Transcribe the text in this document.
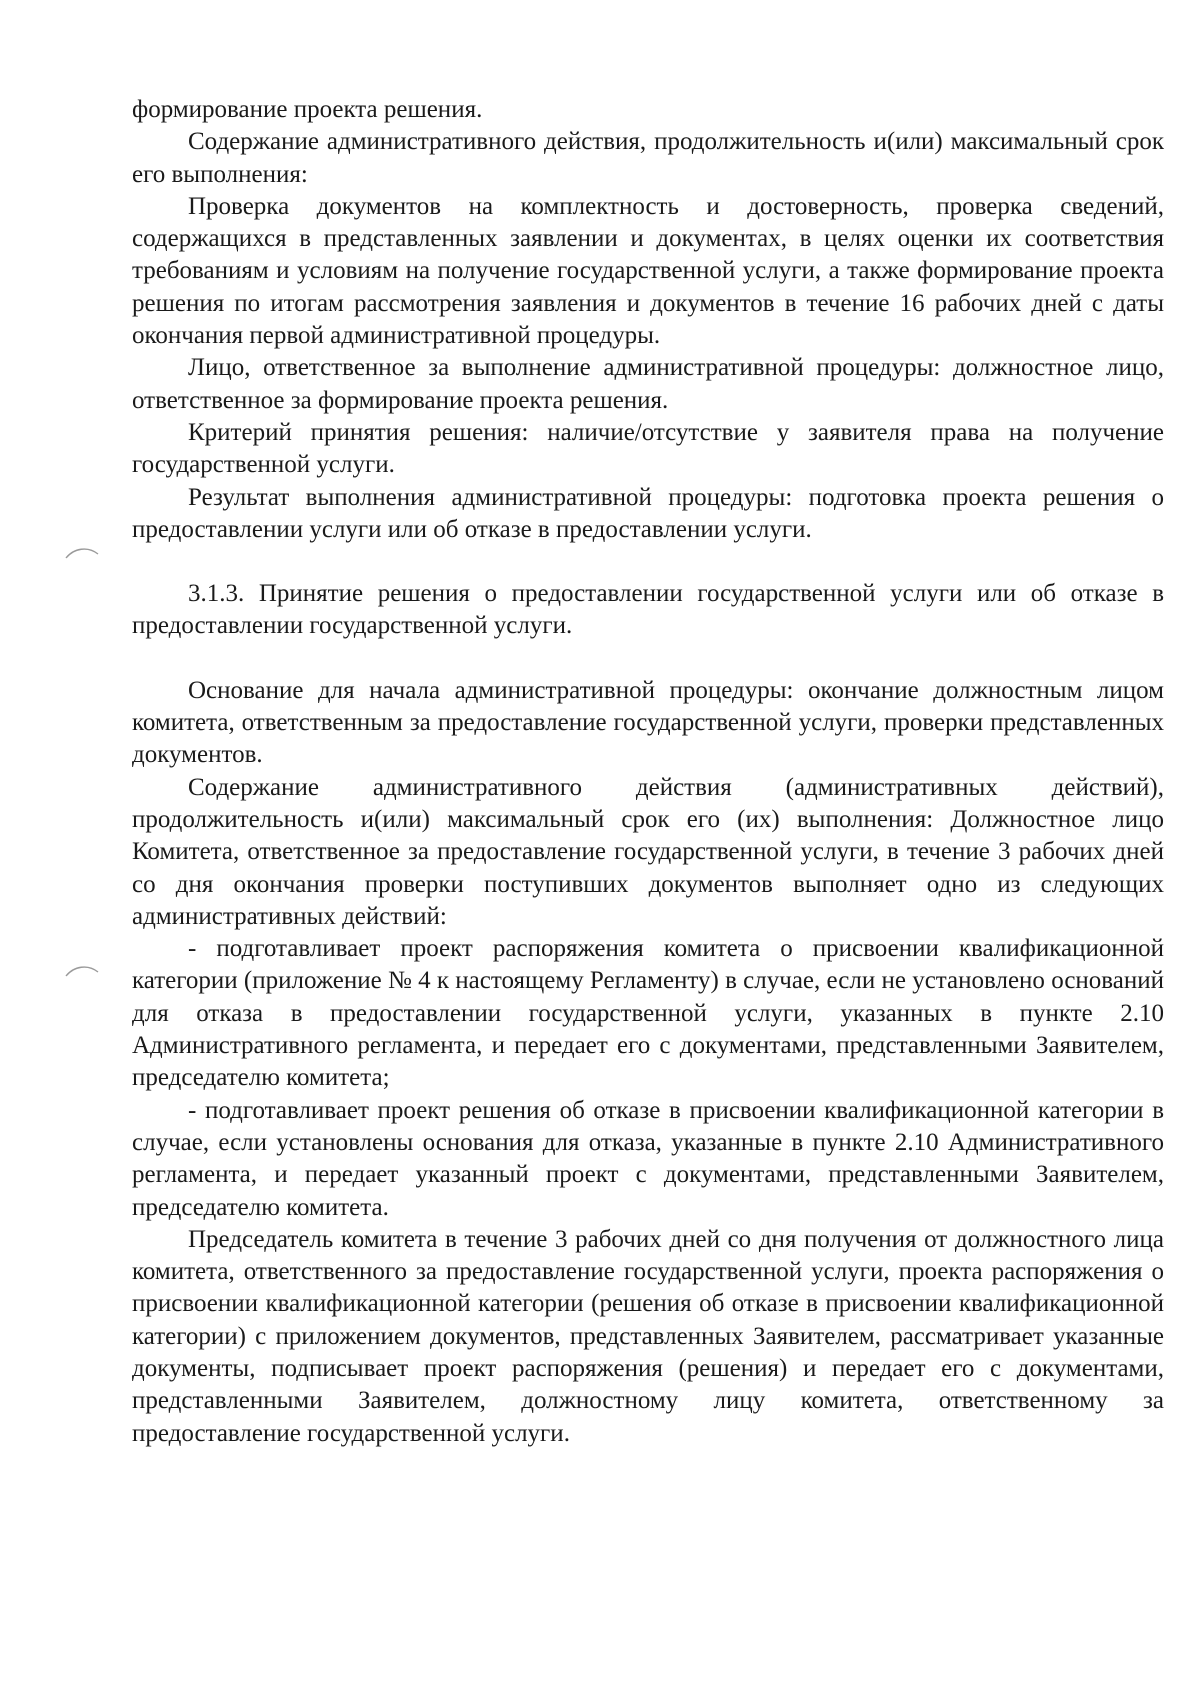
формирование проекта решения.

Содержание административного действия, продолжительность и(или) максимальный срок его выполнения:

Проверка документов на комплектность и достоверность, проверка сведений, содержащихся в представленных заявлении и документах, в целях оценки их соответствия требованиям и условиям на получение государственной услуги, а также формирование проекта решения по итогам рассмотрения заявления и документов в течение 16 рабочих дней с даты окончания первой административной процедуры.

Лицо, ответственное за выполнение административной процедуры: должностное лицо, ответственное за формирование проекта решения.

Критерий принятия решения: наличие/отсутствие у заявителя права на получение государственной услуги.

Результат выполнения административной процедуры: подготовка проекта решения о предоставлении услуги или об отказе в предоставлении услуги.

3.1.3. Принятие решения о предоставлении государственной услуги или об отказе в предоставлении государственной услуги.

Основание для начала административной процедуры: окончание должностным лицом комитета, ответственным за предоставление государственной услуги, проверки представленных документов.

Содержание административного действия (административных действий), продолжительность и(или) максимальный срок его (их) выполнения: Должностное лицо Комитета, ответственное за предоставление государственной услуги, в течение 3 рабочих дней со дня окончания проверки поступивших документов выполняет одно из следующих административных действий:

- подготавливает проект распоряжения комитета о присвоении квалификационной категории (приложение № 4 к настоящему Регламенту) в случае, если не установлено оснований для отказа в предоставлении государственной услуги, указанных в пункте 2.10 Административного регламента, и передает его с документами, представленными Заявителем, председателю комитета;

- подготавливает проект решения об отказе в присвоении квалификационной категории в случае, если установлены основания для отказа, указанные в пункте 2.10 Административного регламента, и передает указанный проект с документами, представленными Заявителем, председателю комитета.

Председатель комитета в течение 3 рабочих дней со дня получения от должностного лица комитета, ответственного за предоставление государственной услуги, проекта распоряжения о присвоении квалификационной категории (решения об отказе в присвоении квалификационной категории) с приложением документов, представленных Заявителем, рассматривает указанные документы, подписывает проект распоряжения (решения) и передает его с документами, представленными Заявителем, должностному лицу комитета, ответственному за предоставление государственной услуги.
